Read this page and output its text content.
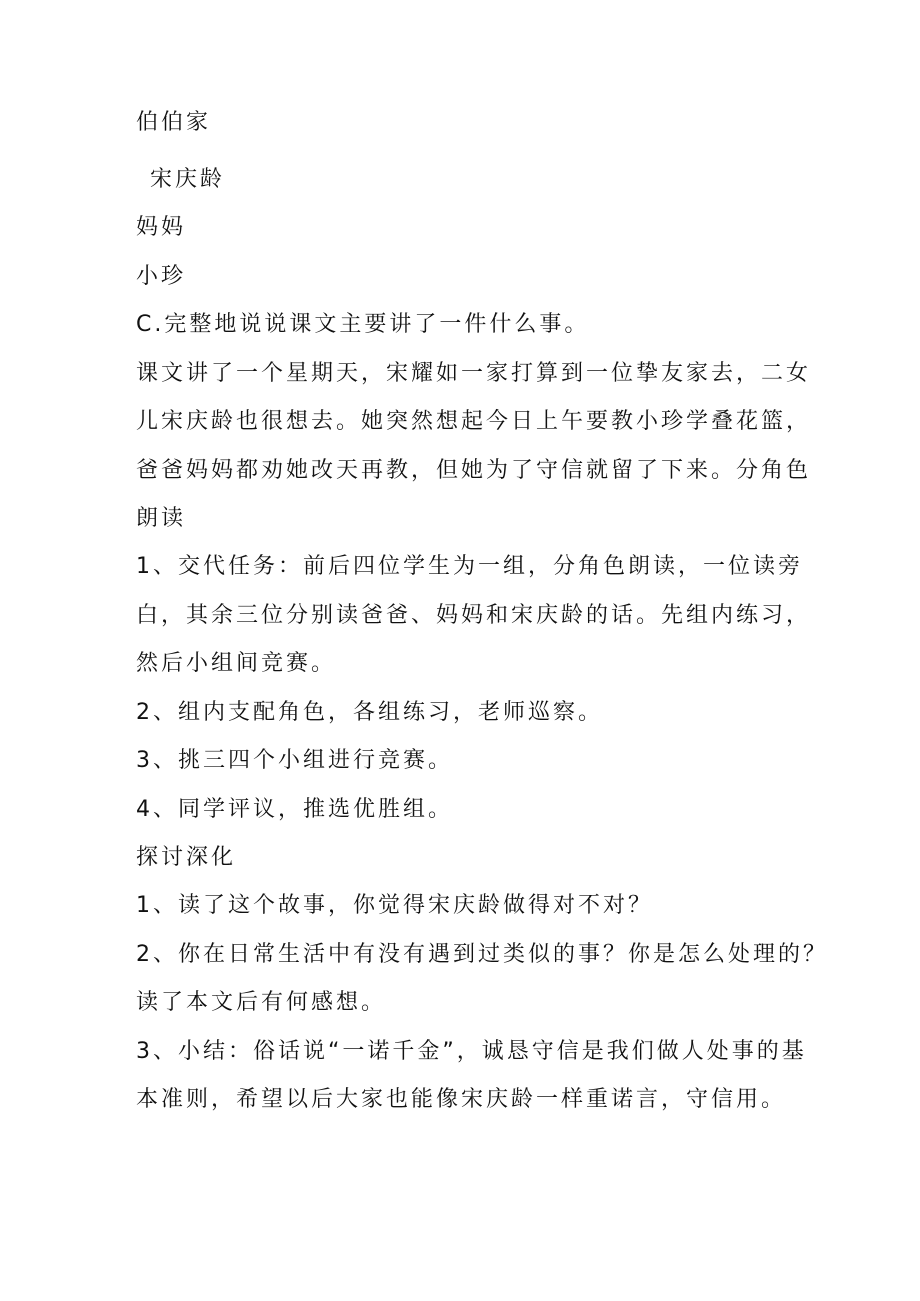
伯伯家
宋庆龄
妈妈
小珍
C.完整地说说课文主要讲了一件什么事。
课文讲了一个星期天，宋耀如一家打算到一位挚友家去，二女
儿宋庆龄也很想去。她突然想起今日上午要教小珍学叠花篮，
爸爸妈妈都劝她改天再教，但她为了守信就留了下来。分角色
朗读
1、交代任务：前后四位学生为一组，分角色朗读，一位读旁
白，其余三位分别读爸爸、妈妈和宋庆龄的话。先组内练习，
然后小组间竞赛。
2、组内支配角色，各组练习，老师巡察。
3、挑三四个小组进行竞赛。
4、同学评议，推选优胜组。
探讨深化
1、读了这个故事，你觉得宋庆龄做得对不对？
2、你在日常生活中有没有遇到过类似的事？你是怎么处理的？
读了本文后有何感想。
3、小结：俗话说“一诺千金”，诚恳守信是我们做人处事的基
本准则，希望以后大家也能像宋庆龄一样重诺言，守信用。
